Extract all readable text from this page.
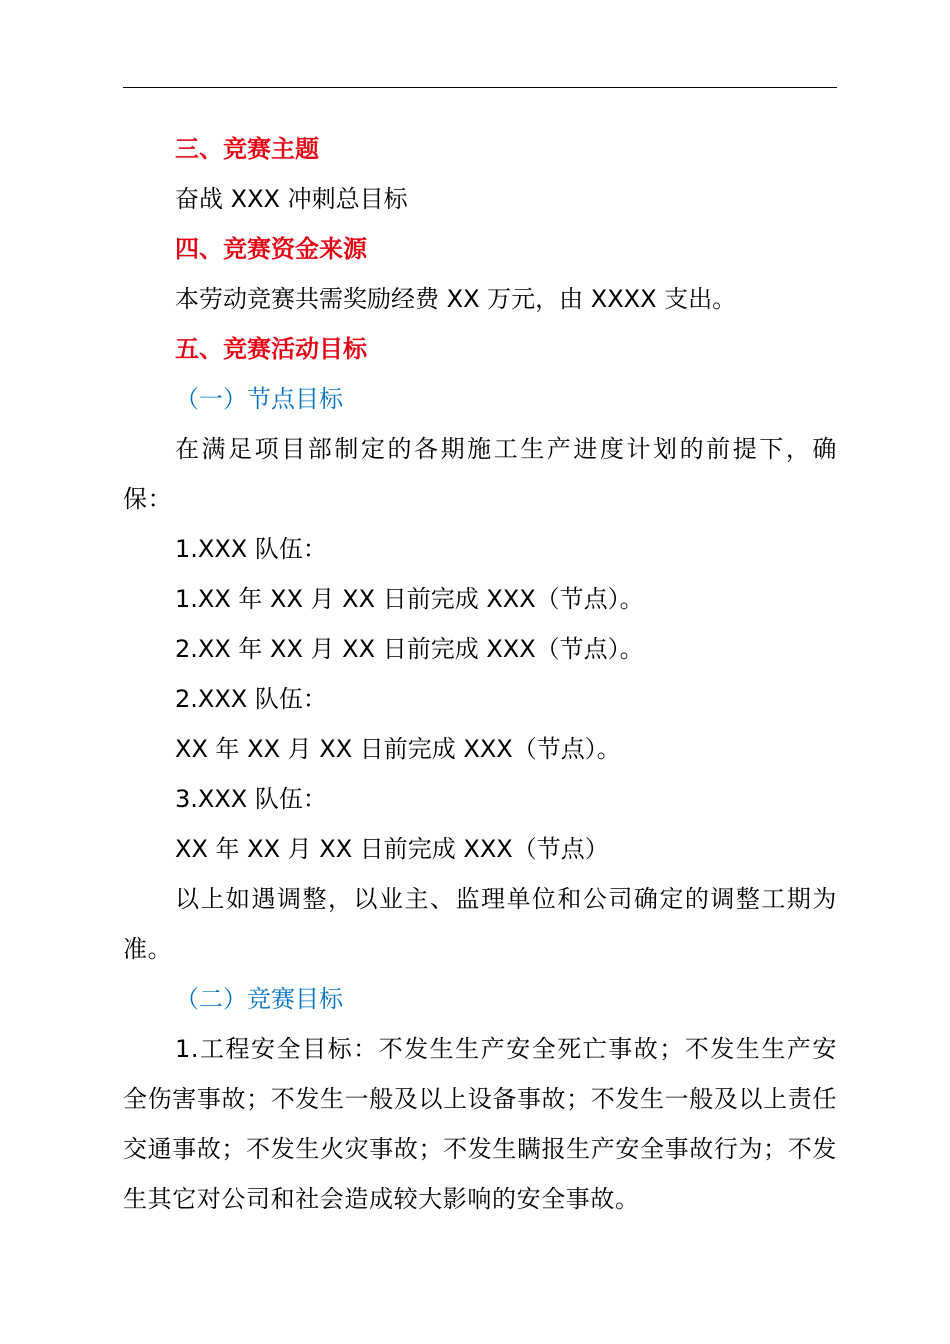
三、竞赛主题

奋战 XXX 冲刺总目标

四、竞赛资金来源

本劳动竞赛共需奖励经费 XX 万元，由 XXXX 支出。

五、竞赛活动目标

（一）节点目标

在满足项目部制定的各期施工生产进度计划的前提下，确保：

1.XXX 队伍：

1.XX 年 XX 月 XX 日前完成 XXX（节点）。

2.XX 年 XX 月 XX 日前完成 XXX（节点）。

2.XXX 队伍：

XX 年 XX 月 XX 日前完成 XXX（节点）。

3.XXX 队伍：

XX 年 XX 月 XX 日前完成 XXX（节点）

以上如遇调整，以业主、监理单位和公司确定的调整工期为准。

（二）竞赛目标

1.工程安全目标：不发生生产安全死亡事故；不发生生产安全伤害事故；不发生一般及以上设备事故；不发生一般及以上责任交通事故；不发生火灾事故；不发生瞒报生产安全事故行为；不发生其它对公司和社会造成较大影响的安全事故。
